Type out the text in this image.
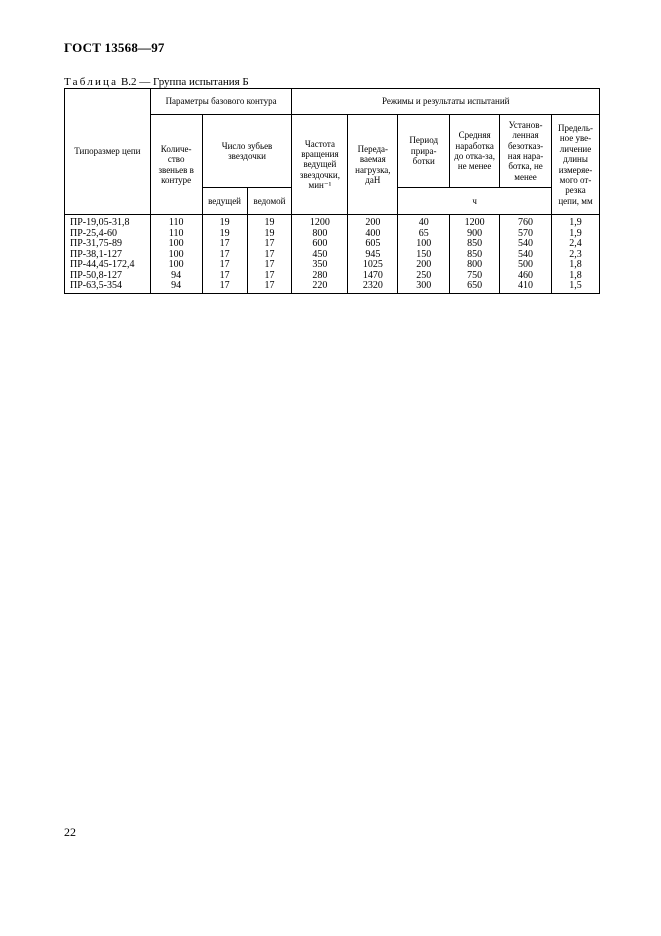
ГОСТ 13568—97
Таблица В.2 — Группа испытания Б
Типоразмер цепи	Параметры базового контура			Режимы и результаты испытаний					
	Количе-ство звеньев в контуре	Число зубьев звездочки		Частота вращения ведущей звездочки, мин⁻¹	Переда-ваемая нагрузка, даН	Период прира-ботки	Средняя наработка до отка-за, не менее	Установ-ленная безотказ-ная нара-ботка, не менее	Предель-ное уве-личение длины измеряе-мого от-резка цепи, мм
		ведущей	ведомой			ч			
ПР-19,05-31,8	110	19	19	1200	200	40	1200	760	1,9
ПР-25,4-60	110	19	19	800	400	65	900	570	1,9
ПР-31,75-89	100	17	17	600	605	100	850	540	2,4
ПР-38,1-127	100	17	17	450	945	150	850	540	2,3
ПР-44,45-172,4	100	17	17	350	1025	200	800	500	1,8
ПР-50,8-127	94	17	17	280	1470	250	750	460	1,8
ПР-63,5-354	94	17	17	220	2320	300	650	410	1,5
22
